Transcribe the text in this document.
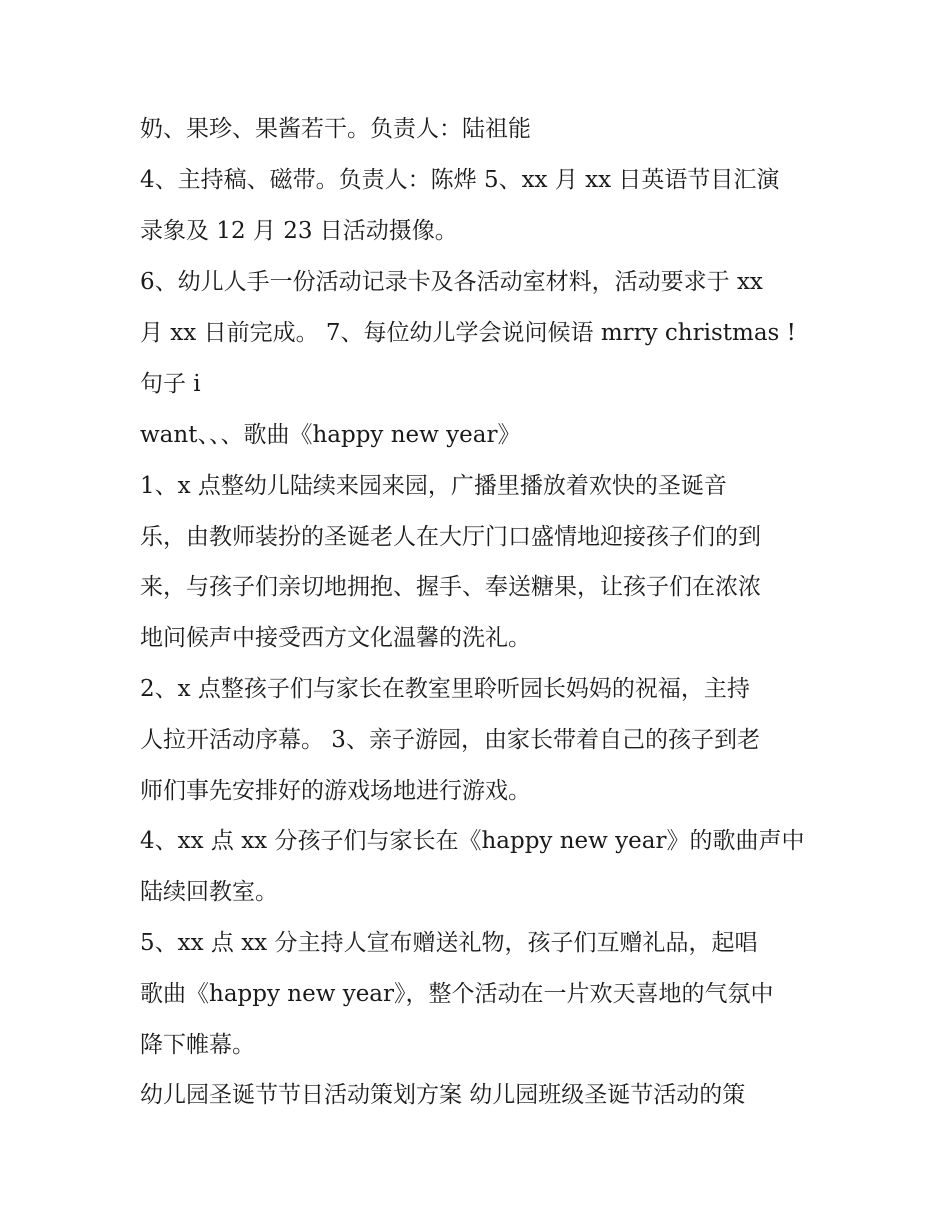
奶、果珍、果酱若干。负责人：陆祖能
4、主持稿、磁带。负责人：陈烨 5、xx 月 xx 日英语节目汇演
录象及 12 月 23 日活动摄像。
6、幼儿人手一份活动记录卡及各活动室材料，活动要求于 xx
月 xx 日前完成。 7、每位幼儿学会说问候语 mrry christmas !
句子 i
want、、、歌曲《happy new year》
1、x 点整幼儿陆续来园来园，广播里播放着欢快的圣诞音
乐，由教师装扮的圣诞老人在大厅门口盛情地迎接孩子们的到
来，与孩子们亲切地拥抱、握手、奉送糖果，让孩子们在浓浓
地问候声中接受西方文化温馨的洗礼。
2、x 点整孩子们与家长在教室里聆听园长妈妈的祝福，主持
人拉开活动序幕。 3、亲子游园，由家长带着自己的孩子到老
师们事先安排好的游戏场地进行游戏。
4、xx 点 xx 分孩子们与家长在《happy new year》的歌曲声中
陆续回教室。
5、xx 点 xx 分主持人宣布赠送礼物，孩子们互赠礼品，起唱
歌曲《happy new year》，整个活动在一片欢天喜地的气氛中
降下帷幕。
幼儿园圣诞节节日活动策划方案 幼儿园班级圣诞节活动的策
